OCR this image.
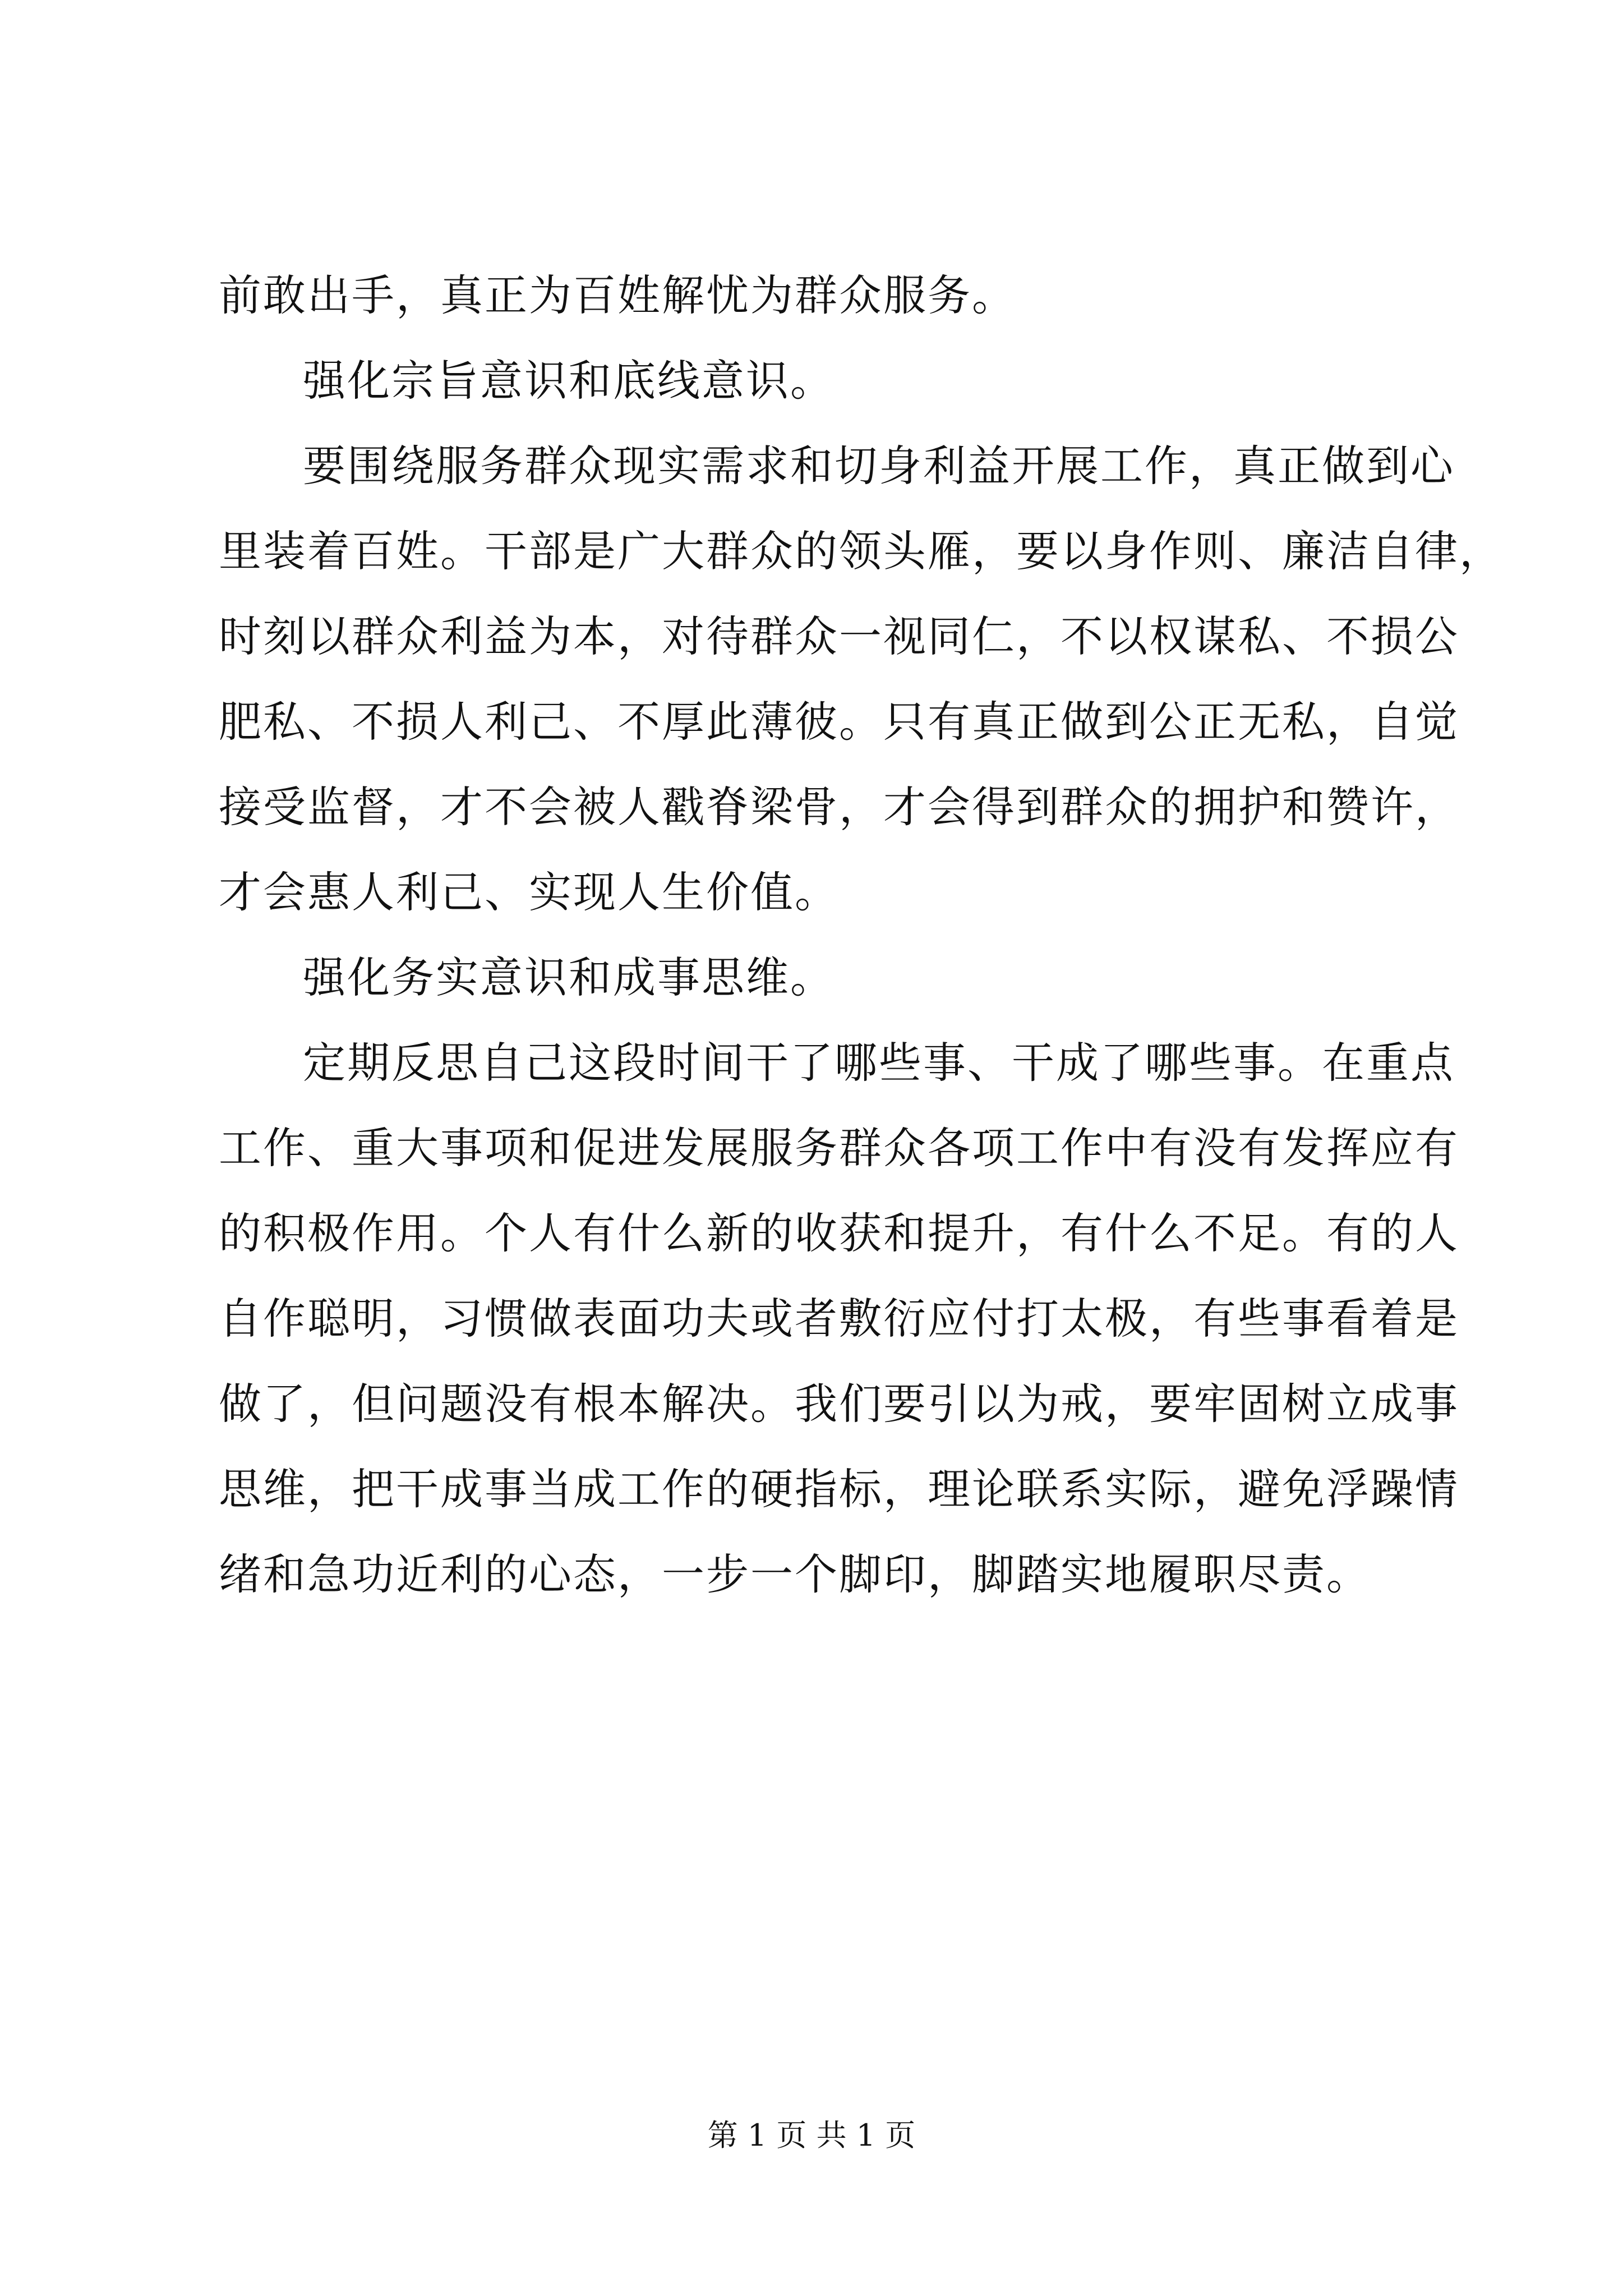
前敢出手，真正为百姓解忧为群众服务。
强化宗旨意识和底线意识。
要围绕服务群众现实需求和切身利益开展工作，真正做到心
里装着百姓。干部是广大群众的领头雁，要以身作则、廉洁自律，
时刻以群众利益为本，对待群众一视同仁，不以权谋私、不损公
肥私、不损人利己、不厚此薄彼。只有真正做到公正无私，自觉
接受监督，才不会被人戳脊梁骨，才会得到群众的拥护和赞许，
才会惠人利己、实现人生价值。
强化务实意识和成事思维。
定期反思自己这段时间干了哪些事、干成了哪些事。在重点
工作、重大事项和促进发展服务群众各项工作中有没有发挥应有
的积极作用。个人有什么新的收获和提升，有什么不足。有的人
自作聪明，习惯做表面功夫或者敷衍应付打太极，有些事看着是
做了，但问题没有根本解决。我们要引以为戒，要牢固树立成事
思维，把干成事当成工作的硬指标，理论联系实际，避免浮躁情
绪和急功近利的心态，一步一个脚印，脚踏实地履职尽责。
第 1 页 共 1 页
